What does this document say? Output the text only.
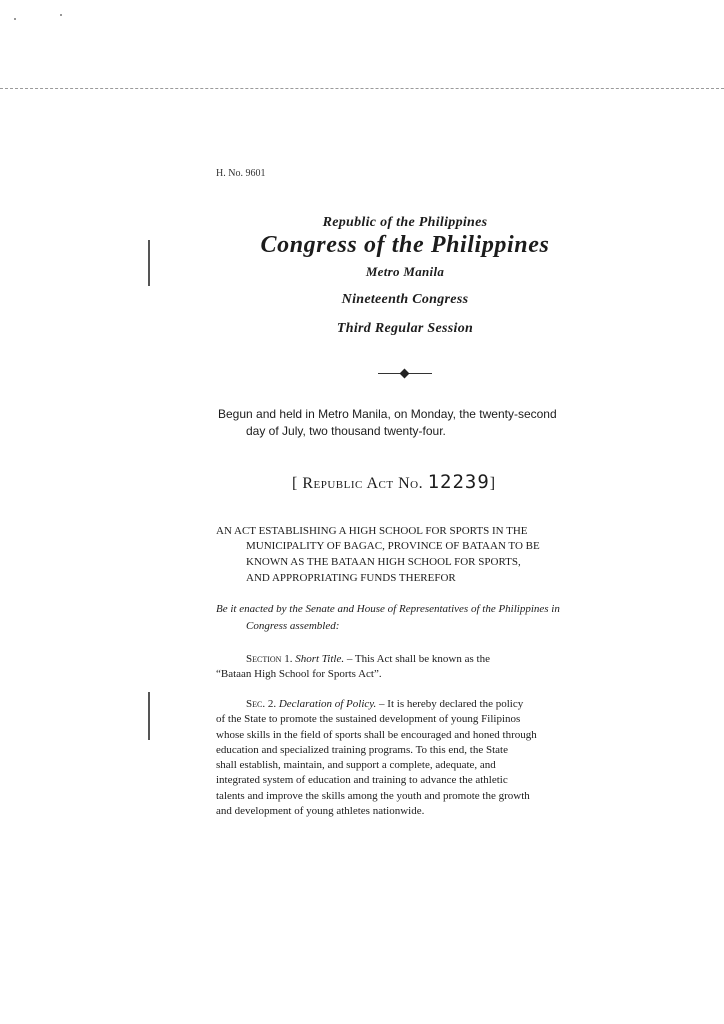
H. No. 9601
Republic of the Philippines
Congress of the Philippines
Metro Manila
Nineteenth Congress
Third Regular Session
Begun and held in Metro Manila, on Monday, the twenty-second
day of July, two thousand twenty-four.
[ Republic Act No. 12239]
AN ACT ESTABLISHING A HIGH SCHOOL FOR SPORTS IN THE
MUNICIPALITY OF BAGAC, PROVINCE OF BATAAN TO BE
KNOWN AS THE BATAAN HIGH SCHOOL FOR SPORTS,
AND APPROPRIATING FUNDS THEREFOR
Be it enacted by the Senate and House of Representatives of the Philippines in
Congress assembled:
Section 1. Short Title. – This Act shall be known as the
“Bataan High School for Sports Act”.
Sec. 2. Declaration of Policy. – It is hereby declared the policy
of the State to promote the sustained development of young Filipinos
whose skills in the field of sports shall be encouraged and honed through
education and specialized training programs. To this end, the State
shall establish, maintain, and support a complete, adequate, and
integrated system of education and training to advance the athletic
talents and improve the skills among the youth and promote the growth
and development of young athletes nationwide.
